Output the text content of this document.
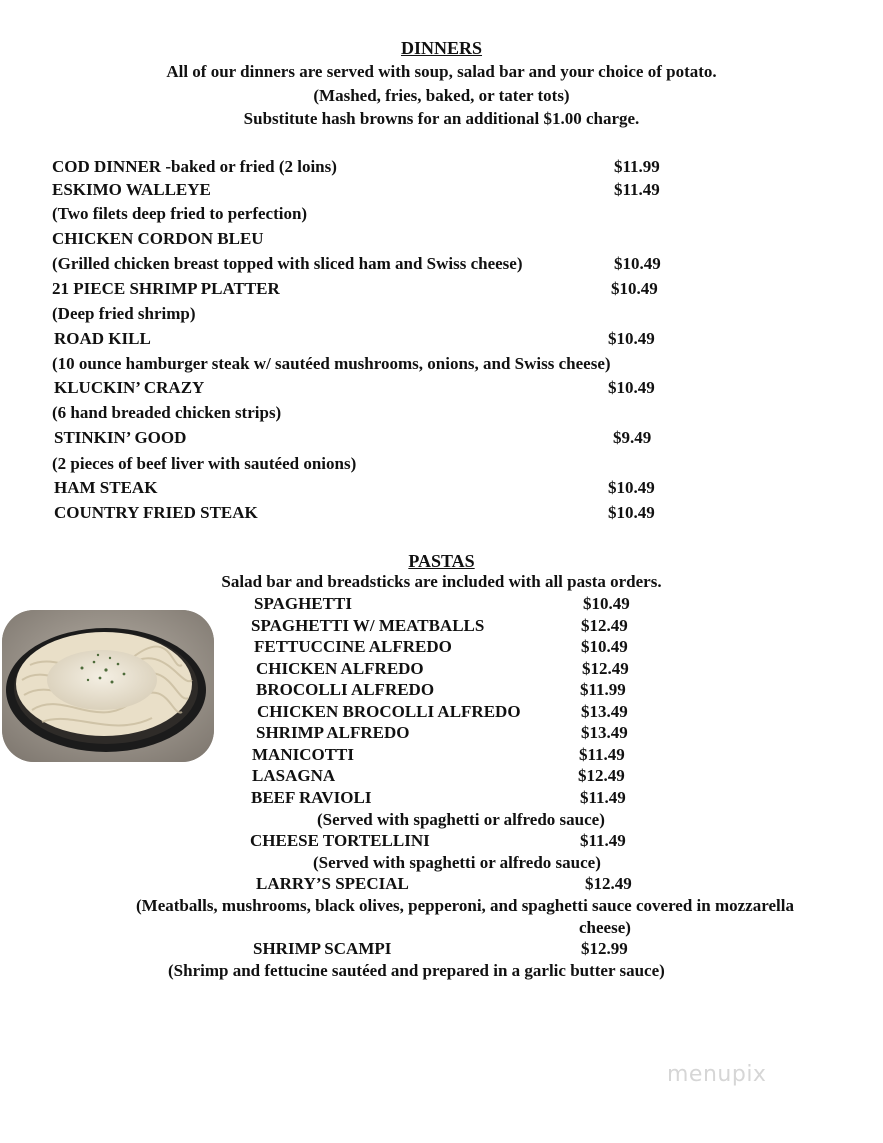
DINNERS
All of our dinners are served with soup, salad bar and your choice of potato.
(Mashed, fries, baked, or tater tots)
Substitute hash browns for an additional $1.00 charge.
COD DINNER -baked or fried (2 loins)	$11.99
ESKIMO WALLEYE	$11.49
(Two filets deep fried to perfection)
CHICKEN CORDON BLEU
(Grilled chicken breast topped with sliced ham and Swiss cheese)	$10.49
21 PIECE SHRIMP PLATTER	$10.49
(Deep fried shrimp)
ROAD KILL	$10.49
(10 ounce hamburger steak w/ sautéed mushrooms, onions, and Swiss cheese)
KLUCKIN’ CRAZY	$10.49
(6 hand breaded chicken strips)
STINKIN’ GOOD	$9.49
(2 pieces of beef liver with sautéed onions)
HAM STEAK	$10.49
COUNTRY FRIED STEAK	$10.49
PASTAS
Salad bar and breadsticks are included with all pasta orders.
SPAGHETTI	$10.49
SPAGHETTI W/ MEATBALLS	$12.49
FETTUCCINE ALFREDO	$10.49
CHICKEN ALFREDO	$12.49
BROCOLLI ALFREDO	$11.99
CHICKEN BROCOLLI ALFREDO	$13.49
SHRIMP ALFREDO	$13.49
MANICOTTI	$11.49
LASAGNA	$12.49
BEEF RAVIOLI	$11.49
(Served with spaghetti or alfredo sauce)
CHEESE TORTELLINI	$11.49
(Served with spaghetti or alfredo sauce)
LARRY’S SPECIAL	$12.49
(Meatballs, mushrooms, black olives, pepperoni, and spaghetti sauce covered in mozzarella
cheese)
SHRIMP SCAMPI	$12.99
(Shrimp and fettucine sautéed and prepared in a garlic butter sauce)
menupix
